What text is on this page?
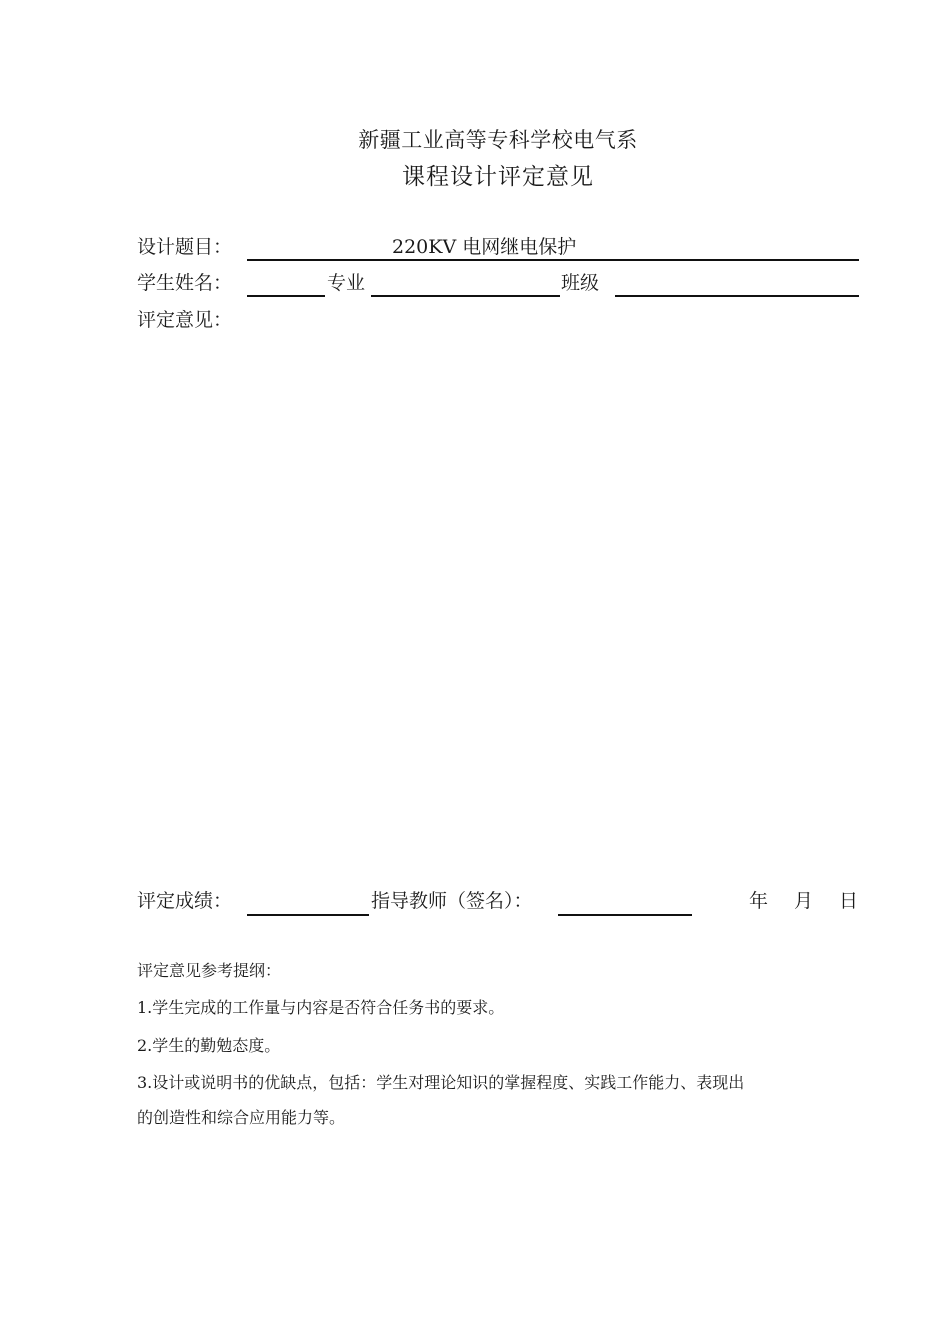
新疆工业高等专科学校电气系
课程设计评定意见
设计题目：	220KV 电网继电保护
学生姓名：	专业	班级
评定意见：
评定成绩：	指导教师（签名）：	年 月 日
评定意见参考提纲：
1.学生完成的工作量与内容是否符合任务书的要求。
2.学生的勤勉态度。
3.设计或说明书的优缺点，包括：学生对理论知识的掌握程度、实践工作能力、表现出
的创造性和综合应用能力等。
